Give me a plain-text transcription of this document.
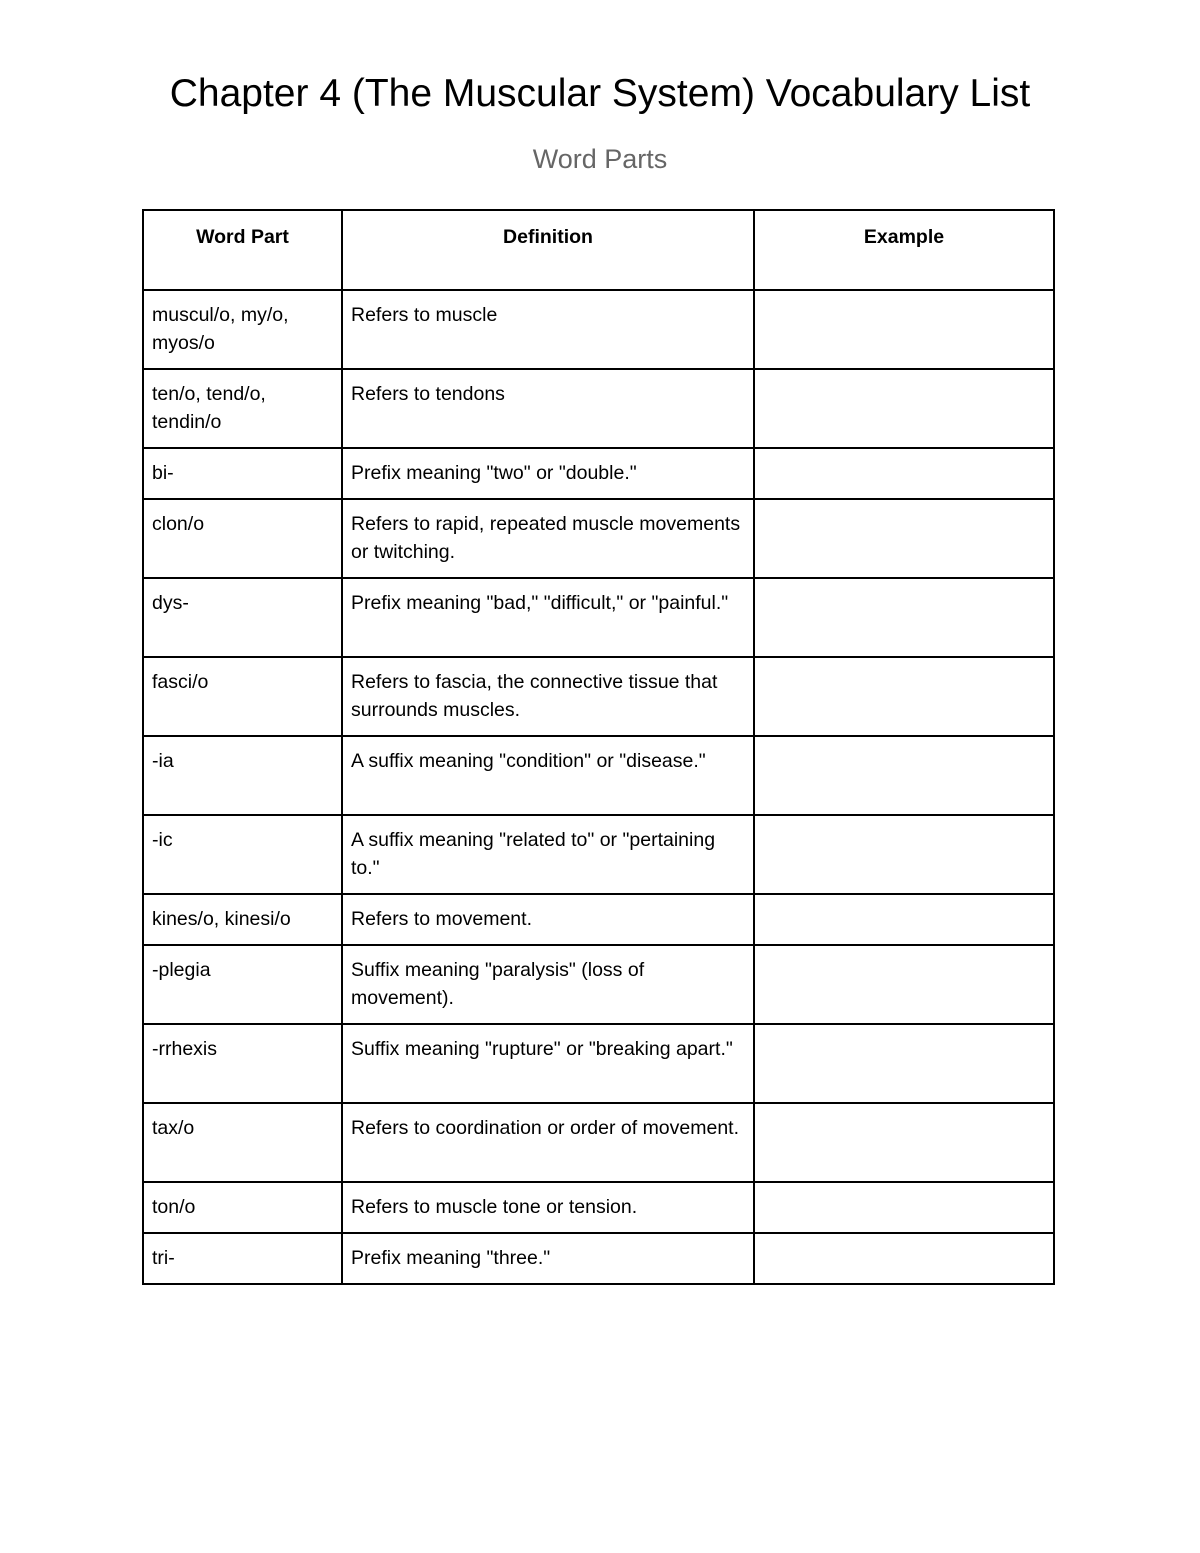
Chapter 4 (The Muscular System) Vocabulary List
Word Parts
Word Part	Definition	Example
muscul/o, my/o, myos/o	Refers to muscle	
ten/o, tend/o, tendin/o	Refers to tendons	
bi-	Prefix meaning "two" or "double."	
clon/o	Refers to rapid, repeated muscle movements or twitching.	
dys-	Prefix meaning "bad," "difficult," or "painful."	
fasci/o	Refers to fascia, the connective tissue that surrounds muscles.	
-ia	A suffix meaning "condition" or "disease."	
-ic	A suffix meaning "related to" or "pertaining to."	
kines/o, kinesi/o	Refers to movement.	
-plegia	Suffix meaning "paralysis" (loss of movement).	
-rrhexis	Suffix meaning "rupture" or "breaking apart."	
tax/o	Refers to coordination or order of movement.	
ton/o	Refers to muscle tone or tension.	
tri-	Prefix meaning "three."	
